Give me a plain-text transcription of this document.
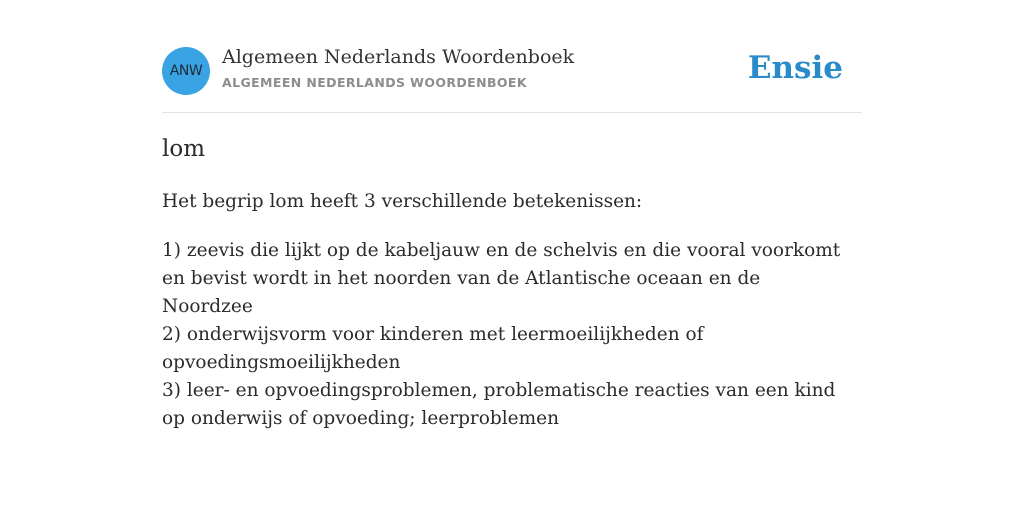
ANW
Algemeen Nederlands Woordenboek
ALGEMEEN NEDERLANDS WOORDENBOEK	Ensie
lom
Het begrip lom heeft 3 verschillende betekenissen:
1) zeevis die lijkt op de kabeljauw en de schelvis en die vooral voorkomt en bevist wordt in het noorden van de Atlantische oceaan en de Noordzee
2) onderwijsvorm voor kinderen met leermoeilijkheden of opvoedingsmoeilijkheden
3) leer- en opvoedingsproblemen, problematische reacties van een kind op onderwijs of opvoeding; leerproblemen
